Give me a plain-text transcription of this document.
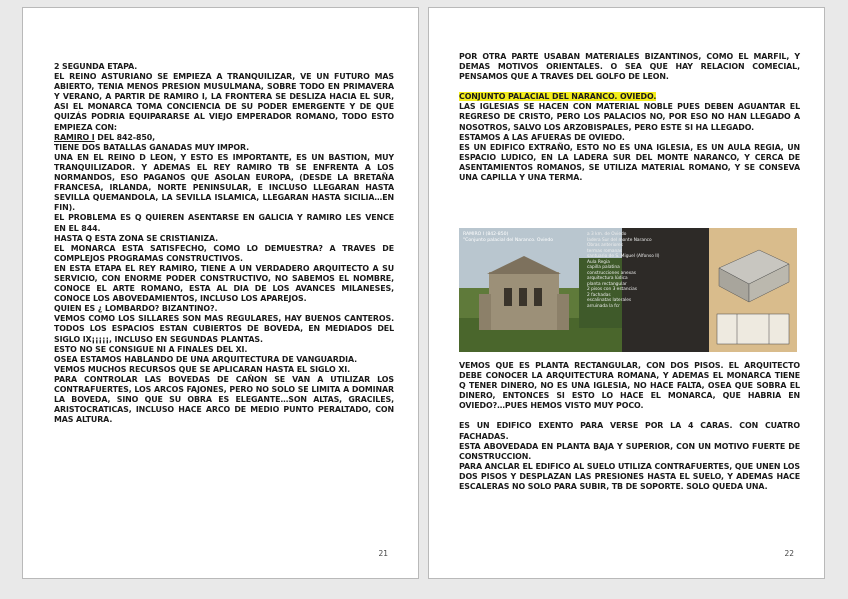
2 SEGUNDA ETAPA.

EL REINO ASTURIANO SE EMPIEZA A TRANQUILIZAR, VE UN FUTURO MAS ABIERTO, TENIA MENOS PRESION MUSULMANA, SOBRE TODO EN PRIMAVERA Y VERANO, A PARTIR DE RAMIRO I, LA FRONTERA SE DESLIZA HACIA EL SUR, ASI EL MONARCA TOMA CONCIENCIA DE SU PODER EMERGENTE Y DE QUE QUIZÁS PODRIA EQUIPARARSE AL VIEJO EMPERADOR ROMANO, TODO ESTO EMPIEZA CON:

RAMIRO I DEL 842-850,

TIENE DOS BATALLAS GANADAS MUY IMPOR.

UNA EN EL REINO D LEON, Y ESTO ES IMPORTANTE, ES UN BASTION, MUY TRANQUILIZADOR. Y ADEMAS EL REY RAMIRO TB SE ENFRENTA A LOS NORMANDOS, ESO PAGANOS QUE ASOLAN EUROPA, (DESDE LA BRETAÑA FRANCESA, IRLANDA, NORTE PENINSULAR, E INCLUSO LLEGARAN HASTA SEVILLA QUEMANDOLA, LA SEVILLA ISLAMICA, LLEGARAN HASTA SICILIA…EN FIN).

EL PROBLEMA ES Q QUIEREN ASENTARSE EN GALICIA Y RAMIRO LES VENCE EN EL 844.

HASTA Q ESTA ZONA SE CRISTIANIZA.

EL MONARCA ESTA SATISFECHO, COMO LO DEMUESTRA? A TRAVES DE COMPLEJOS PROGRAMAS CONSTRUCTIVOS.

EN ESTA ETAPA EL REY RAMIRO, TIENE A UN VERDADERO ARQUITECTO A SU SERVICIO, CON ENORME PODER CONSTRUCTIVO, NO SABEMOS EL NOMBRE, CONOCE EL ARTE ROMANO, ESTA AL DIA DE LOS AVANCES MILANESES, CONOCE LOS ABOVEDAMIENTOS, INCLUSO LOS APAREJOS.

QUIEN ES ¿ LOMBARDO? BIZANTINO?.

VEMOS COMO LOS SILLARES SON MAS REGULARES, HAY BUENOS CANTEROS. TODOS LOS ESPACIOS ESTAN CUBIERTOS DE BOVEDA, EN MEDIADOS DEL SIGLO IX¡¡¡¡¡, INCLUSO EN SEGUNDAS PLANTAS.

ESTO NO SE CONSIGUE NI A FINALES DEL XI.

OSEA ESTAMOS HABLANDO DE UNA ARQUITECTURA DE VANGUARDIA.

VEMOS MUCHOS RECURSOS QUE SE APLICARAN HASTA EL SIGLO XI.

PARA CONTROLAR LAS BOVEDAS DE CAÑON SE VAN A UTILIZAR LOS CONTRAFUERTES, LOS ARCOS FAJONES, PERO NO SOLO SE LIMITA A DOMINAR LA BOVEDA, SINO QUE SU OBRA ES ELEGANTE…SON ALTAS, GRACILES, ARISTOCRATICAS, INCLUSO HACE ARCO DE MEDIO PUNTO PERALTADO, CON MAS ALTURA.

21

POR OTRA PARTE USABAN MATERIALES BIZANTINOS, COMO EL MARFIL, Y DEMAS MOTIVOS ORIENTALES. O SEA QUE HAY RELACION COMECIAL, PENSAMOS QUE A TRAVES DEL GOLFO DE LEON.

CONJUNTO PALACIAL DEL NARANCO. OVIEDO.

LAS IGLESIAS SE HACEN CON MATERIAL NOBLE PUES DEBEN AGUANTAR EL REGRESO DE CRISTO, PERO LOS PALACIOS NO, POR ESO NO HAN LLEGADO A NOSOTROS, SALVO LOS ARZOBISPALES, PERO ESTE SI HA LLEGADO.

ESTAMOS A LAS AFUERAS DE OVIEDO.

ES UN EDIFICO EXTRAÑO, ESTO NO ES UNA IGLESIA, ES UN AULA REGIA, UN ESPACIO LUDICO, EN LA LADERA SUR DEL MONTE NARANCO, Y CERCA DE ASENTAMIENTOS ROMANOS, SE UTILIZA MATERIAL ROMANO, Y SE CONSEVA UNA CAPILLA Y UNA TERMA.

RAMIRO I (842-850)
"Conjunto palacial del Naranco. Oviedo
a 3 km. de Oviedo
ladera Sur del monte Naranco
Obras anteriores
termas romanas
santuario de S. Miguel (Alfonso II)
Aula Regia
capilla palatina
construcciones anexas
arquitectura lúdica
planta rectangular
2 pisos con 3 estancias
2 fachadas
escalinatas laterales
arruinada la fcr

VEMOS QUE ES PLANTA RECTANGULAR, CON DOS PISOS. EL ARQUITECTO DEBE CONOCER LA ARQUITECTURA ROMANA, Y ADEMAS EL MONARCA TIENE Q TENER DINERO, NO ES UNA IGLESIA, NO HACE FALTA, OSEA QUE SOBRA EL DINERO, ENTONCES SI ESTO LO HACE EL MONARCA, QUE HABRIA EN OVIEDO?…PUES HEMOS VISTO MUY POCO.

ES UN EDIFICO EXENTO PARA VERSE POR LA 4 CARAS. CON CUATRO FACHADAS.

ESTA ABOVEDADA EN PLANTA BAJA Y SUPERIOR, CON UN MOTIVO FUERTE DE CONSTRUCCION.

PARA ANCLAR EL EDIFICO AL SUELO UTILIZA CONTRAFUERTES, QUE UNEN LOS DOS PISOS Y DESPLAZAN LAS PRESIONES HASTA EL SUELO, Y ADEMAS HACE ESCALERAS NO SOLO PARA SUBIR, TB DE SOPORTE. SOLO QUEDA UNA.

22
